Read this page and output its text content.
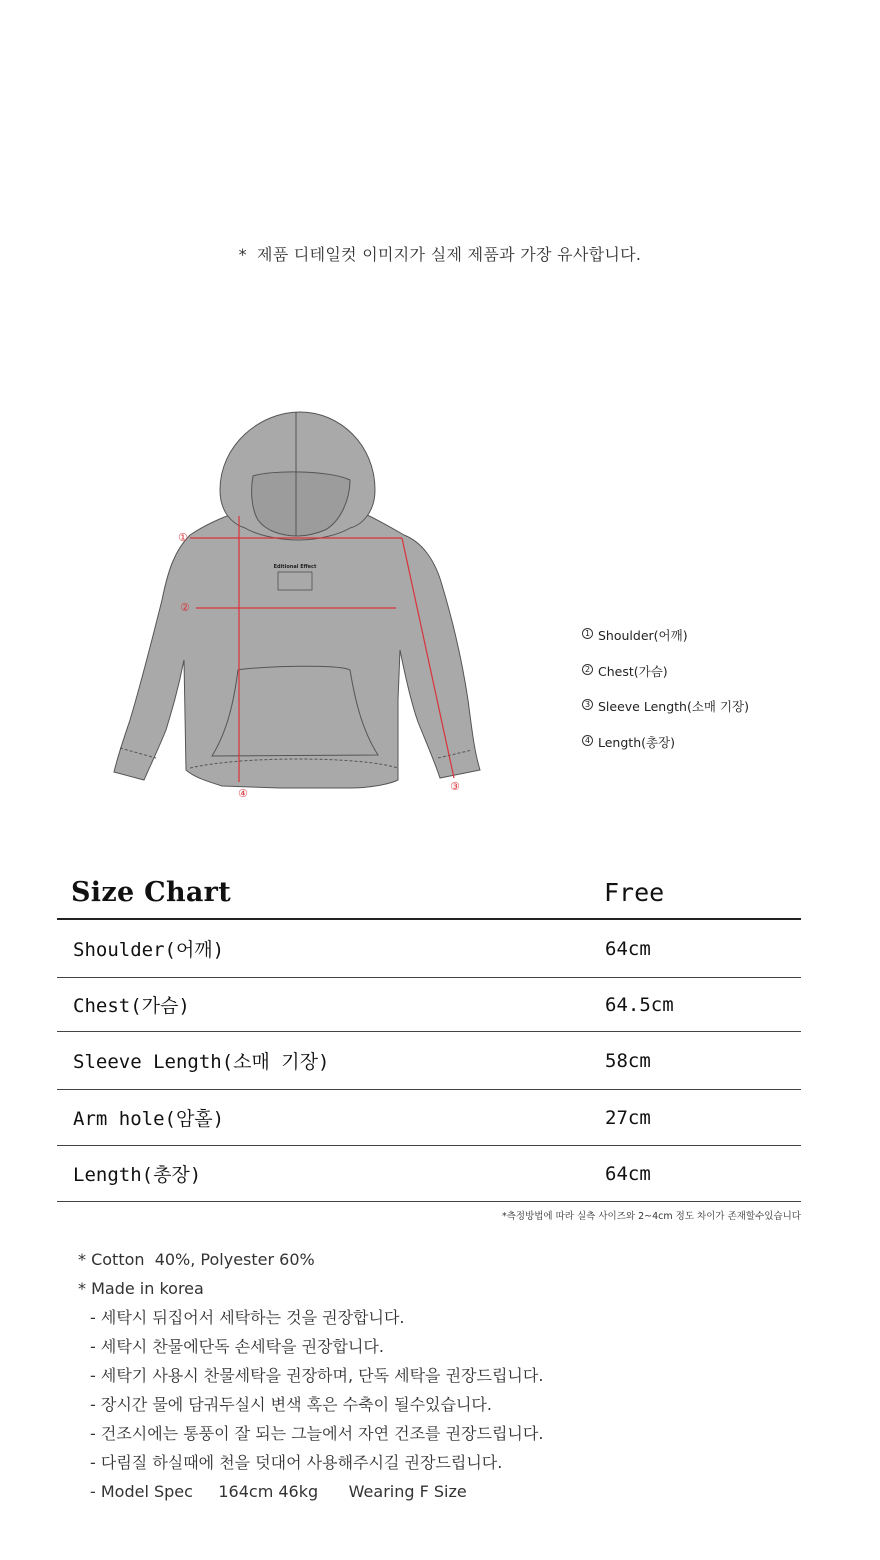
* 제품 디테일컷 이미지가 실제 제품과 가장 유사합니다.
Editional Effect
①
②
③
④
1 Shoulder(어깨)
2 Chest(가슴)
3 Sleeve Length(소매 기장)
4 Length(총장)
Size Chart	Free
Shoulder(어깨)	64cm
Chest(가슴)	64.5cm
Sleeve Length(소매 기장)	58cm
Arm hole(암홀)	27cm
Length(총장)	64cm
*측정방법에 따라 실측 사이즈와 2~4cm 정도 차이가 존재할수있습니다
* Cotton  40%, Polyester 60%
* Made in korea
- 세탁시 뒤집어서 세탁하는 것을 권장합니다.
- 세탁시 찬물에단독 손세탁을 권장합니다.
- 세탁기 사용시 찬물세탁을 권장하며, 단독 세탁을 권장드립니다.
- 장시간 물에 담궈두실시 변색 혹은 수축이 될수있습니다.
- 건조시에는 통풍이 잘 되는 그늘에서 자연 건조를 권장드립니다.
- 다림질 하실때에 천을 덧대어 사용해주시길 권장드립니다.
- Model Spec     164cm 46kg      Wearing F Size
